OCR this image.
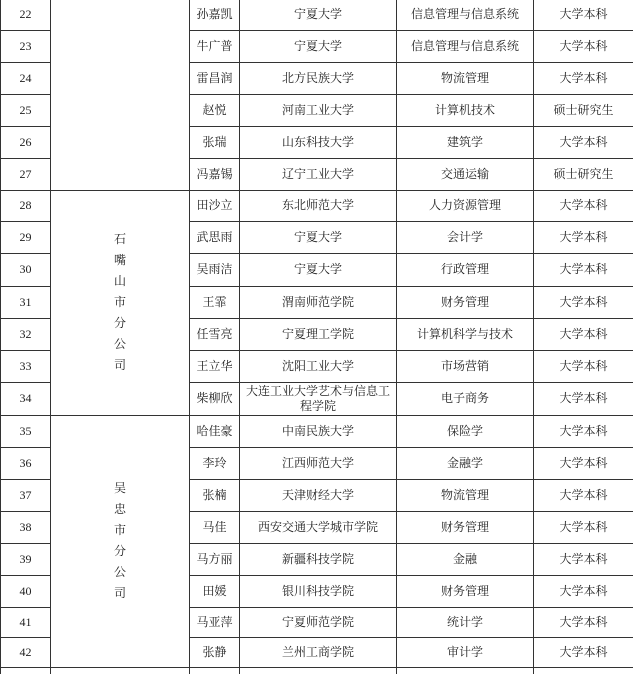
22		孙嘉凯	宁夏大学	信息管理与信息系统	大学本科
23		牛广普	宁夏大学	信息管理与信息系统	大学本科
24		雷昌润	北方民族大学	物流管理	大学本科
25		赵悦	河南工业大学	计算机技术	硕士研究生
26		张瑞	山东科技大学	建筑学	大学本科
27		冯嘉锡	辽宁工业大学	交通运输	硕士研究生
28	石嘴山市分公司	田沙立	东北师范大学	人力资源管理	大学本科
29		武思雨	宁夏大学	会计学	大学本科
30		吴雨洁	宁夏大学	行政管理	大学本科
31		王霏	渭南师范学院	财务管理	大学本科
32		任雪亮	宁夏理工学院	计算机科学与技术	大学本科
33		王立华	沈阳工业大学	市场营销	大学本科
34		柴柳欣	大连工业大学艺术与信息工程学院	电子商务	大学本科
35	吴忠市分公司	哈佳豪	中南民族大学	保险学	大学本科
36		李玲	江西师范大学	金融学	大学本科
37		张楠	天津财经大学	物流管理	大学本科
38		马佳	西安交通大学城市学院	财务管理	大学本科
39		马方丽	新疆科技学院	金融	大学本科
40		田媛	银川科技学院	财务管理	大学本科
41		马亚萍	宁夏师范学院	统计学	大学本科
42		张静	兰州工商学院	审计学	大学本科
